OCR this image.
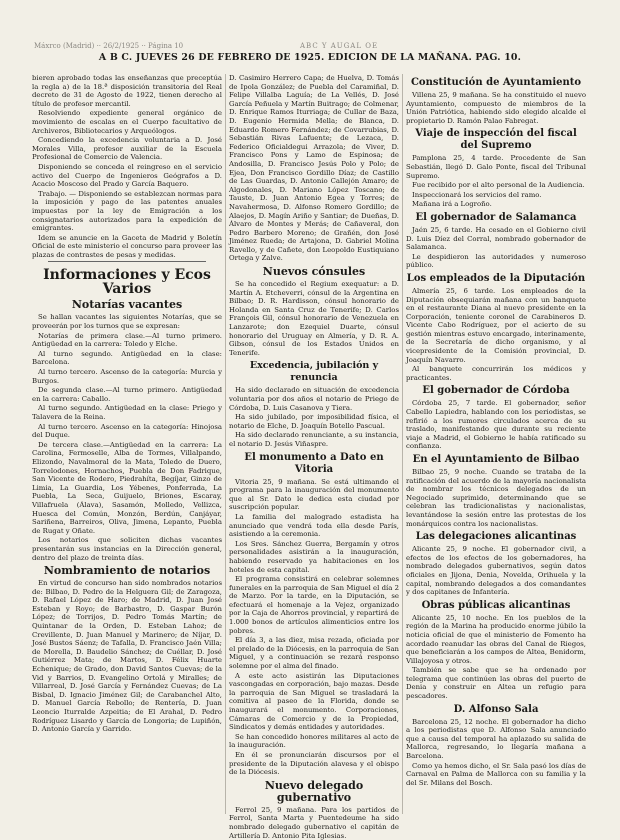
Máxrco (Madrid) ·· 26/2/1925 ·· Página 10	ABC Y AUGAL OE
A B C. JUEVES 26 DE FEBRERO DE 1925. EDICION DE LA MAÑANA. PAG. 10.

bieren aprobado todas las enseñanzas que preceptúa la regla a) de la 18.ª disposición transitoria del Real decreto de 31 de Agosto de 1922, tienen derecho al título de profesor mercantil.

Resolviendo expediente general orgánico de movimiento de escalas en el Cuerpo facultativo de Archiveros, Bibliotecarios y Arqueólogos.

Concediendo la excedencia voluntaria a D. José Morales Villa, profesor auxiliar de la Escuela Profesional de Comercio de Valencia.

Disponiendo se conceda el reingreso en el servicio activo del Cuerpo de Ingenieros Geógrafos a D. Acacio Moscoso del Prado y García Baquero.

Trabajo. — Disponiendo se establezcan normas para la imposición y pago de las patentes anuales impuestas por la ley de Emigración a los consignatarios autorizados para la expedición de emigrantes.

Idem se anuncie en la Gaceta de Madrid y Boletín Oficial de este ministerio el concurso para proveer las plazas de contrastes de pesas y medidas.

Informaciones y Ecos Varios
Notarías vacantes

Se hallan vacantes las siguientes Notarías, que se proveerán por los turnos que se expresan:

Notarías de primera clase.—Al turno primero. Antigüedad en la carrera: Toledo y Elche.

Al turno segundo. Antigüedad en la clase: Barcelona.

Al turno tercero. Ascenso de la categoría: Murcia y Burgos.

De segunda clase.—Al turno primero. Antigüedad en la carrera: Caballo.

Al turno segundo. Antigüedad en la clase: Priego y Talavera de la Reina.

Al turno tercero. Ascenso en la categoría: Hinojosa del Duque.

De tercera clase.—Antigüedad en la carrera: La Carolina, Fermoselle, Alba de Tormes, Villalpando, Elizondo, Navalmoral de la Mata, Toledo de Duero, Torrelodones, Hornachos, Puebla de Don Fadrique, San Vicente de Rodero, Piedrahíta, Begíjar, Ginzo de Limia, La Guardia, Los Yébenes, Ponferrada, La Puebla, La Seca, Guijuelo, Briones, Escaray, Villafruela (Álava), Sasamón, Molledo, Vellizca, Huesca del Común, Monzón, Berdún, Canjáyar, Sariñena, Barreiros, Oliva, Jimena, Lepanto, Puebla de Rugat y Oñate.

Los notarios que soliciten dichas vacantes presentarán sus instancias en la Dirección general, dentro del plazo de treinta días.

Nombramiento de notarios

En virtud de concurso han sido nombrados notarios de: Bilbao, D. Pedro de la Helguera Gil; de Zaragoza, D. Rafael López de Haro; de Madrid, D. Juan José Esteban y Royo; de Barbastro, D. Gaspar Burón López; de Torrijos, D. Pedro Tomás Martín; de Quintanar de la Orden, D. Esteban Lahoz; de Crevillente, D. Juan Manuel y Marinero; de Níjar, D. José Bustos Sáenz; de Tafalla, D. Francisco Jaén Villa; de Morella, D. Baudelio Sánchez; de Cuéllar, D. José Gutiérrez Mata; de Martos, D. Félix Huarte Echenique; de Grado, don David Santos Cuevas; de la Vid y Barrios, D. Evangelino Ortolá y Miralles; de Villarreal, D. José García y Fernández Cuevas; de La Bisbal, D. Ignacio Jiménez Gil; de Carabanchel Alto, D. Manuel García Rebollo; de Rentería, D. Juan Leoncio Iturralde Azpeitia; de El Arahal, D. Pedro Rodríguez Lisardo y García de Longoria; de Lupiñón, D. Antonio García y Garrido.

D. Casimiro Herrero Capa; de Huelva, D. Tomás de Ipola González; de Puebla del Caramiñal, D. Felipe Villalba Laguía; de La Vellés, D. José García Peñuela y Martín Buitrago; de Colmenar, D. Enrique Ramos Iturriaga; de Cullar de Baza, D. Eugenio Hermida Mella; de Blanca, D. Eduardo Romero Fernández; de Covarrubias, D. Sebastián Rivas Lafuente; de Lezaca, D. Federico Oficialdegui Arrazola; de Viver, D. Francisco Pons y Lamo de Espinosa; de Andosilla, D. Francisco Jesús Polo y Polo; de Ejea, Don Francisco Gordillo Díaz; de Castillo de Las Guardas, D. Antonio Callejón Amaro; de Algodonales, D. Mariano López Toscano; de Tauste, D. Juan Antonio Egea y Torres; de Navahermosa, D. Alfonso Romero Gordillo; de Alaejos, D. Magín Ariño y Santiar; de Dueñas, D. Álvaro de Montes y Merás; de Cañaveral, don Pedro Barbero Moreno; de Grañén, don José Jiménez Rueda; de Artajona, D. Gabriel Molina Ravello, y de Cañete, don Leopoldo Eustiquiano Ortega y Zalve.

Nuevos cónsules

Se ha concedido el Regium exequatur: a D. Martín A. Etcheverri, cónsul de la Argentina en Bilbao; D. R. Hardisson, cónsul honorario de Holanda en Santa Cruz de Tenerife; D. Carlos François Gil, cónsul honorario de Venezuela en Lanzarote; don Ezequiel Duarte, cónsul honorario del Uruguay en Almería, y D. R. A. Gibson, cónsul de los Estados Unidos en Tenerife.

Excedencia, jubilación y renuncia

Ha sido declarado en situación de excedencia voluntaria por dos años el notario de Priego de Córdoba, D. Luis Casanova y Tiera.

Ha sido jubilado, por imposibilidad física, el notario de Elche, D. Joaquín Botello Pascual.

Ha sido declarado renunciante, a su instancia, el notario D. Jesús Viñaspre.

El monumento a Dato en Vitoria

Vitoria 25, 9 mañana. Se está ultimando el programa para la inauguración del monumento que al Sr. Dato le dedica esta ciudad por suscripción popular.

La familia del malogrado estadista ha anunciado que vendrá toda ella desde París, asistiendo a la ceremonia.

Los Sres. Sánchez Guerra, Bergamín y otros personalidades asistirán a la inauguración, habiendo reservado ya habitaciones en los hoteles de esta capital.

El programa consistirá en celebrar solemnes funerales en la parroquia de San Miguel el día 2 de Marzo. Por la tarde, en la Diputación, se efectuará el homenaje a la Vejez, organizado por la Caja de Ahorros provincial, y repartirá de 1.000 bonos de artículos alimenticios entre los pobres.

El día 3, a las diez, misa rezada, oficiada por el prelado de la Diócesis, en la parroquia de San Miguel, y a continuación se rezará responso solemne por el alma del finado.

A este acto asistirán las Diputaciones vascongadas en corporación, bajo mazas. Desde la parroquia de San Miguel se trasladará la comitiva al paseo de la Florida, donde se inaugurará el monumento. Corporaciones, Cámaras de Comercio y de la Propiedad, Sindicatos y demás entidades y autoridades.

Se han concedido honores militares al acto de la inauguración.

En él se pronunciarán discursos por el presidente de la Diputación alavesa y el obispo de la Diócesis.

Nuevo delegado gubernativo

Ferrol 25, 9 mañana. Para los partidos de Ferrol, Santa Marta y Puentedeume ha sido nombrado delegado gubernativo el capitán de Artillería D. Antonio Pita Iglesias.

Constitución de Ayuntamiento

Villena 25, 9 mañana. Se ha constituido el nuevo Ayuntamiento, compuesto de miembros de la Unión Patriótica, habiendo sido elegido alcalde el propietario D. Ramón Palao Fabregat.

Viaje de inspección del fiscal del Supremo

Pamplona 25, 4 tarde. Procedente de San Sebastián, llegó D. Galo Ponte, fiscal del Tribunal Supremo.

Fue recibido por el alto personal de la Audiencia.

Inspeccionará los servicios del ramo.

Mañana irá a Logroño.

El gobernador de Salamanca

Jaén 25, 6 tarde. Ha cesado en el Gobierno civil D. Luis Díez del Corral, nombrado gobernador de Salamanca.

Le despidieron las autoridades y numeroso público.

Los empleados de la Diputación

Almería 25, 6 tarde. Los empleados de la Diputación obsequiarán mañana con un banquete en el restaurante Diana al nuevo presidente en la Corporación, teniente coronel de Carabineros D. Vicente Cabo Rodríguez, por el acierto de su gestión mientras estuvo encargado, interinamente, de la Secretaría de dicho organismo, y al vicepresidente de la Comisión provincial, D. Joaquín Navarro.

Al banquete concurrirán los médicos y practicantes.

El gobernador de Córdoba

Córdoba 25, 7 tarde. El gobernador, señor Cabello Lapiedra, hablando con los periodistas, se refirió a los rumores circulados acerca de su traslado, manifestando que durante su reciente viaje a Madrid, el Gobierno le había ratificado su confianza.

En el Ayuntamiento de Bilbao

Bilbao 25, 9 noche. Cuando se trataba de la ratificación del acuerdo de la mayoría nacionalista de nombrar los técnicos delegados de un Negociado suprimido, determinando que se celebran las tradicionalistas y nacionalistas, levantándose la sesión entre las protestas de los monárquicos contra los nacionalistas.

Las delegaciones alicantinas

Alicante 25, 9 noche. El gobernador civil, a efectos de los efectos de los gobernadores, ha nombrado delegados gubernativos, según datos oficiales en Jijona, Denia, Novelda, Orihuela y la capital, nombrando delegados a dos comandantes y dos capitanes de Infantería.

Obras públicas alicantinas

Alicante 25, 10 noche. En los pueblos de la región de la Marina ha producido enorme júbilo la noticia oficial de que el ministerio de Fomento ha acordado reanudar las obras del Canal de Riegos, que beneficiarán a los campos de Altea, Benidorm, Villajoyosa y otros.

También se sabe que se ha ordenado por telegrama que continúen las obras del puerto de Denia y construir en Altea un refugio para pescadores.

D. Alfonso Sala

Barcelona 25, 12 noche. El gobernador ha dicho a los periodistas que D. Alfonso Sala anunciado que a causa del temporal ha aplazado su salida de Mallorca, regresando, lo llegaría mañana a Barcelona.

Como ya hemos dicho, el Sr. Sala pasó los días de Carnaval en Palma de Mallorca con su familia y la del Sr. Milans del Bosch.
